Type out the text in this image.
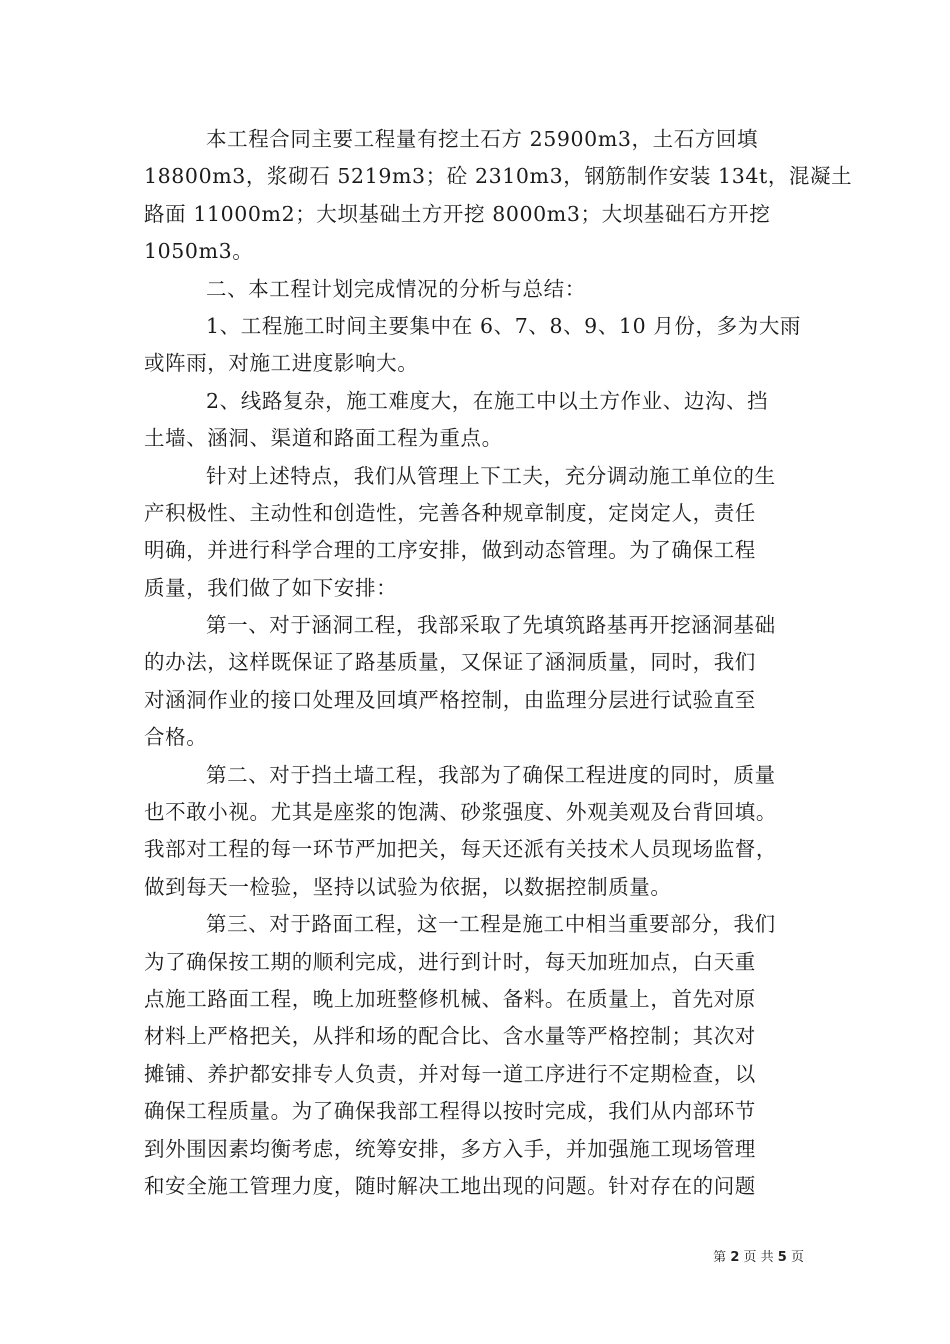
本工程合同主要工程量有挖土石方 25900m3，土石方回填
18800m3，浆砌石 5219m3；砼 2310m3，钢筋制作安装 134t，混凝土
路面 11000m2；大坝基础土方开挖 8000m3；大坝基础石方开挖
1050m3。
二、本工程计划完成情况的分析与总结：
1、工程施工时间主要集中在 6、7、8、9、10 月份，多为大雨
或阵雨，对施工进度影响大。
2、线路复杂，施工难度大，在施工中以土方作业、边沟、挡
土墙、涵洞、渠道和路面工程为重点。
针对上述特点，我们从管理上下工夫，充分调动施工单位的生
产积极性、主动性和创造性，完善各种规章制度，定岗定人，责任
明确，并进行科学合理的工序安排，做到动态管理。为了确保工程
质量，我们做了如下安排：
第一、对于涵洞工程，我部采取了先填筑路基再开挖涵洞基础
的办法，这样既保证了路基质量，又保证了涵洞质量，同时，我们
对涵洞作业的接口处理及回填严格控制，由监理分层进行试验直至
合格。
第二、对于挡土墙工程，我部为了确保工程进度的同时，质量
也不敢小视。尤其是座浆的饱满、砂浆强度、外观美观及台背回填。
我部对工程的每一环节严加把关，每天还派有关技术人员现场监督，
做到每天一检验，坚持以试验为依据，以数据控制质量。
第三、对于路面工程，这一工程是施工中相当重要部分，我们
为了确保按工期的顺利完成，进行到计时，每天加班加点，白天重
点施工路面工程，晚上加班整修机械、备料。在质量上，首先对原
材料上严格把关，从拌和场的配合比、含水量等严格控制；其次对
摊铺、养护都安排专人负责，并对每一道工序进行不定期检查，以
确保工程质量。为了确保我部工程得以按时完成，我们从内部环节
到外围因素均衡考虑，统筹安排，多方入手，并加强施工现场管理
和安全施工管理力度，随时解决工地出现的问题。针对存在的问题
第 2 页 共 5 页
